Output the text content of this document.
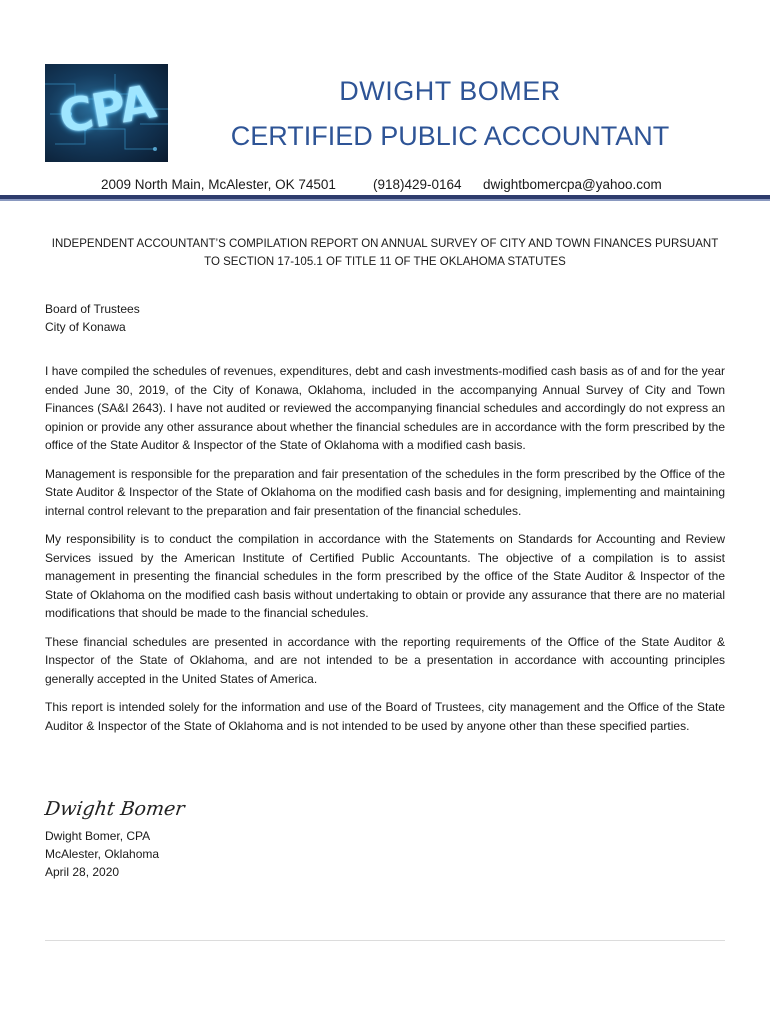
CPA	DWIGHT BOMER
CERTIFIED PUBLIC ACCOUNTANT
2009 North Main, McAlester, OK 74501	(918)429-0164 dwightbomercpa@yahoo.com
INDEPENDENT ACCOUNTANT’S COMPILATION REPORT ON ANNUAL SURVEY OF CITY AND TOWN FINANCES PURSUANT
TO SECTION 17-105.1 OF TITLE 11 OF THE OKLAHOMA STATUTES
Board of Trustees
City of Konawa

I have compiled the schedules of revenues, expenditures, debt and cash investments-modified cash basis as of and for the year ended June 30, 2019, of the City of Konawa, Oklahoma, included in the accompanying Annual Survey of City and Town Finances (SA&I 2643). I have not audited or reviewed the accompanying financial schedules and accordingly do not express an opinion or provide any other assurance about whether the financial schedules are in accordance with the form prescribed by the office of the State Auditor & Inspector of the State of Oklahoma with a modified cash basis.

Management is responsible for the preparation and fair presentation of the schedules in the form prescribed by the Office of the State Auditor & Inspector of the State of Oklahoma on the modified cash basis and for designing, implementing and maintaining internal control relevant to the preparation and fair presentation of the financial schedules.

My responsibility is to conduct the compilation in accordance with the Statements on Standards for Accounting and Review Services issued by the American Institute of Certified Public Accountants. The objective of a compilation is to assist management in presenting the financial schedules in the form prescribed by the office of the State Auditor & Inspector of the State of Oklahoma on the modified cash basis without undertaking to obtain or provide any assurance that there are no material modifications that should be made to the financial schedules.

These financial schedules are presented in accordance with the reporting requirements of the Office of the State Auditor & Inspector of the State of Oklahoma, and are not intended to be a presentation in accordance with accounting principles generally accepted in the United States of America.

This report is intended solely for the information and use of the Board of Trustees, city management and the Office of the State Auditor & Inspector of the State of Oklahoma and is not intended to be used by anyone other than these specified parties.

Dwight Bomer
Dwight Bomer, CPA
McAlester, Oklahoma
April 28, 2020
